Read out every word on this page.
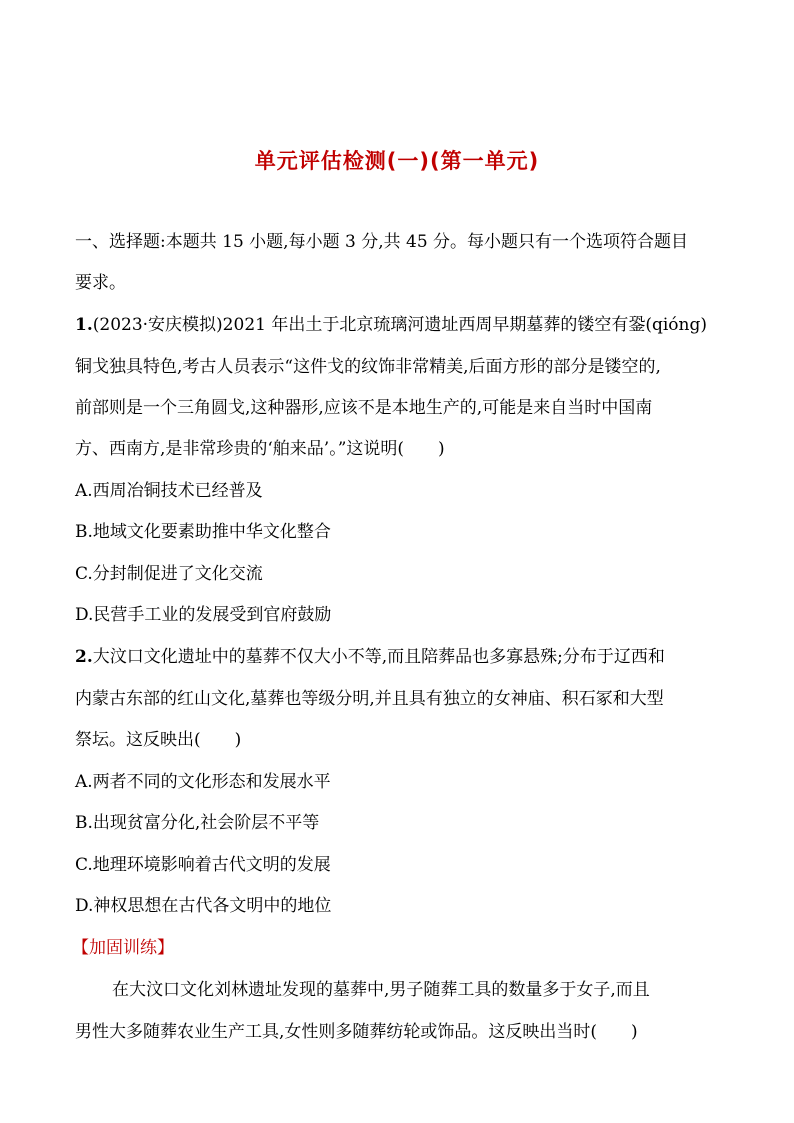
单元评估检测(一)(第一单元)
一、选择题:本题共 15 小题,每小题 3 分,共 45 分。每小题只有一个选项符合题目
要求。
1.(2023·安庆模拟)2021 年出土于北京琉璃河遗址西周早期墓葬的镂空有銎(qióng)
铜戈独具特色,考古人员表示“这件戈的纹饰非常精美,后面方形的部分是镂空的,
前部则是一个三角圆戈,这种器形,应该不是本地生产的,可能是来自当时中国南
方、西南方,是非常珍贵的‘舶来品’。”这说明(　　)
A.西周冶铜技术已经普及
B.地域文化要素助推中华文化整合
C.分封制促进了文化交流
D.民营手工业的发展受到官府鼓励
2.大汶口文化遗址中的墓葬不仅大小不等,而且陪葬品也多寡悬殊;分布于辽西和
内蒙古东部的红山文化,墓葬也等级分明,并且具有独立的女神庙、积石冢和大型
祭坛。这反映出(　　)
A.两者不同的文化形态和发展水平
B.出现贫富分化,社会阶层不平等
C.地理环境影响着古代文明的发展
D.神权思想在古代各文明中的地位
【加固训练】
在大汶口文化刘林遗址发现的墓葬中,男子随葬工具的数量多于女子,而且
男性大多随葬农业生产工具,女性则多随葬纺轮或饰品。这反映出当时(　　)
